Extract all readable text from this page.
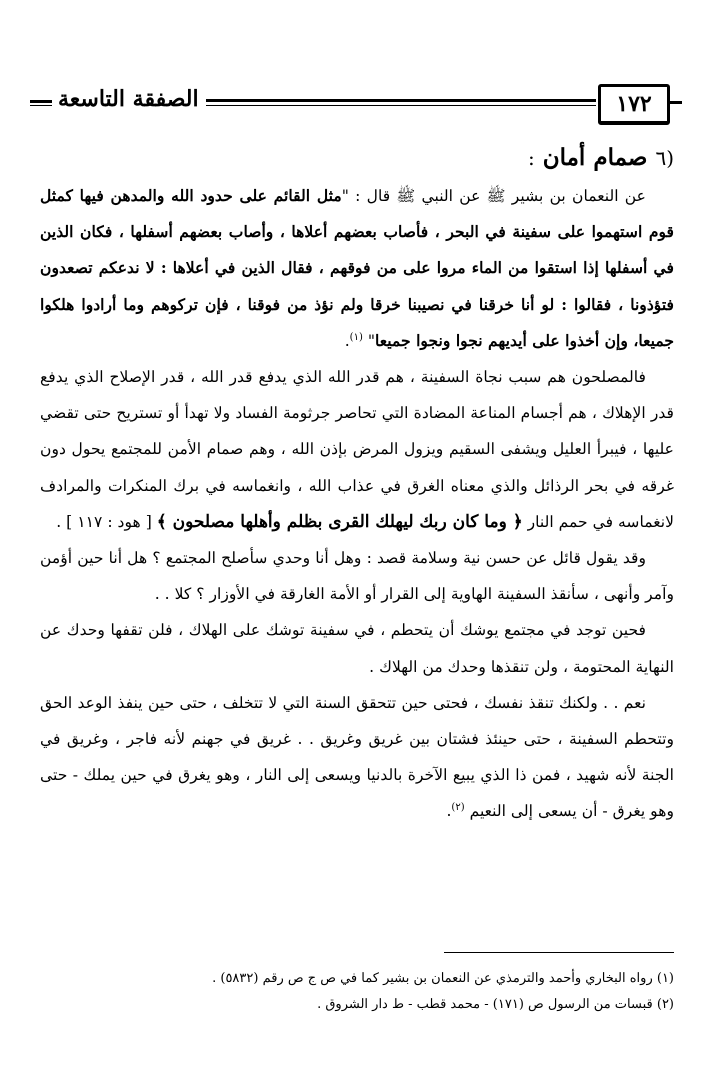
الصفقة التاسعة	١٧٢
(٦ صمام أمان :

عن النعمان بن بشير ﷺ عن النبي ﷺ قال : "مثل القائم على حدود الله والمدهن فيها كمثل قوم استهموا على سفينة في البحر ، فأصاب بعضهم أعلاها ، وأصاب بعضهم أسفلها ، فكان الذين في أسفلها إذا استقوا من الماء مروا على من فوقهم ، فقال الذين في أعلاها : لا ندعكم تصعدون فتؤذونا ، فقالوا : لو أنا خرقنا في نصيبنا خرقا ولم نؤذ من فوقنا ، فإن تركوهم وما أرادوا هلكوا جميعا، وإن أخذوا على أيديهم نجوا ونجوا جميعا" $^{(١)}$.

فالمصلحون هم سبب نجاة السفينة ، هم قدر الله الذي يدفع قدر الله ، قدر الإصلاح الذي يدفع قدر الإهلاك ، هم أجسام المناعة المضادة التي تحاصر جرثومة الفساد ولا تهدأ أو تستريح حتى تقضي عليها ، فيبرأ العليل ويشفى السقيم ويزول المرض بإذن الله ، وهم صمام الأمن للمجتمع يحول دون غرقه في بحر الرذائل والذي معناه الغرق في عذاب الله ، وانغماسه في برك المنكرات والمرادف لانغماسه في حمم النار ﴿ وما كان ربك ليهلك القرى بظلم وأهلها مصلحون ﴾ [ هود : ١١٧ ] .

وقد يقول قائل عن حسن نية وسلامة قصد : وهل أنا وحدي سأصلح المجتمع ؟ هل أنا حين أؤمن وآمر وأنهى ، سأنقذ السفينة الهاوية إلى القرار أو الأمة الغارقة في الأوزار ؟ كلا . .

فحين توجد في مجتمع يوشك أن يتحطم ، في سفينة توشك على الهلاك ، فلن تقفها وحدك عن النهاية المحتومة ، ولن تنقذها وحدك من الهلاك .

نعم . . ولكنك تنقذ نفسك ، فحتى حين تتحقق السنة التي لا تتخلف ، حتى حين ينفذ الوعد الحق وتتحطم السفينة ، حتى حينئذ فشتان بين غريق وغريق . . غريق في جهنم لأنه فاجر ، وغريق في الجنة لأنه شهيد ، فمن ذا الذي يبيع الآخرة بالدنيا ويسعى إلى النار ، وهو يغرق في حين يملك - حتى وهو يغرق - أن يسعى إلى النعيم $^{(٢)}$.

(١) رواه البخاري وأحمد والترمذي عن النعمان بن بشير كما في ص ج ص رقم (٥٨٣٢) .
(٢) قبسات من الرسول ص (١٧١) - محمد قطب - ط دار الشروق .
